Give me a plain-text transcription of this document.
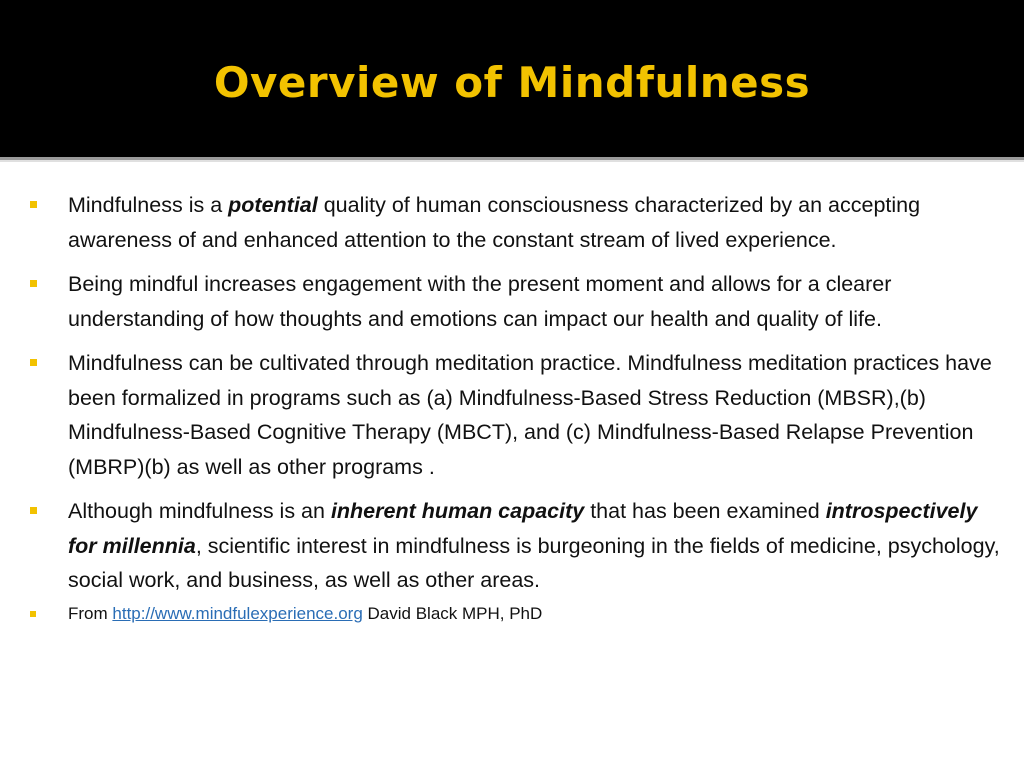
Overview of Mindfulness
Mindfulness is a potential quality of human consciousness characterized by an accepting awareness of and enhanced attention to the constant stream of lived experience.
Being mindful increases engagement with the present moment and allows for a clearer understanding of how thoughts and emotions can impact our health and quality of life.
Mindfulness can be cultivated through meditation practice. Mindfulness meditation practices have been formalized in programs such as (a) Mindfulness-Based Stress Reduction (MBSR),(b) Mindfulness-Based Cognitive Therapy (MBCT), and (c) Mindfulness-Based Relapse Prevention (MBRP)(b) as well as other programs .
Although mindfulness is an inherent human capacity that has been examined introspectively for millennia, scientific interest in mindfulness is burgeoning in the fields of medicine, psychology, social work, and business, as well as other areas.
From http://www.mindfulexperience.org David Black MPH, PhD
